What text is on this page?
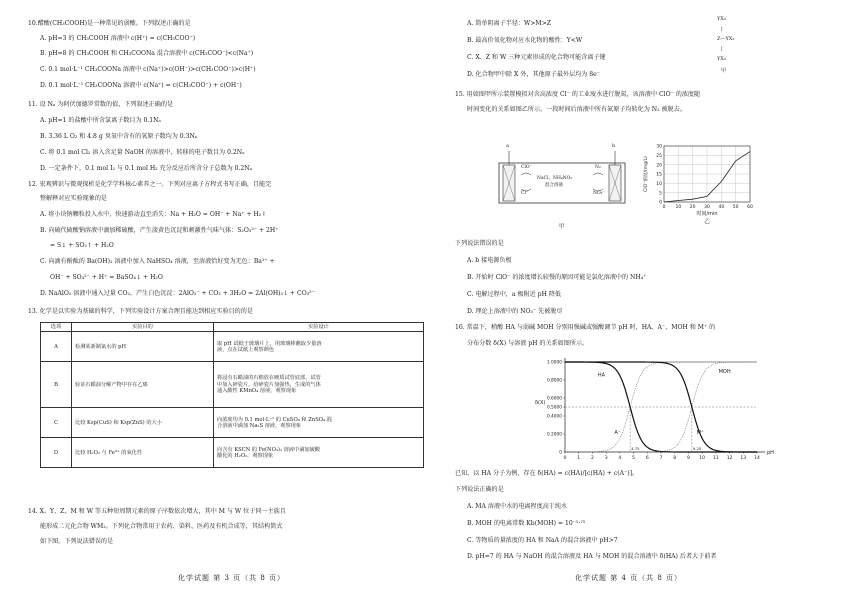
10.醋酸(CH₃COOH)是一种常见的弱酸。下列叙述正确的是
A. pH=3 的 CH₃COOH 溶液中 c(H⁺) = c(CH₃COO⁻)
B. pH=8 的 CH₃COOH 和 CH₃COONa 混合溶液中 c(CH₃COO⁻)<c(Na⁺)
C. 0.1 mol·L⁻¹ CH₃COONa 溶液中 c(Na⁺)>c(OH⁻)>c(CH₃COO⁻)>c(H⁺)
D. 0.1 mol·L⁻¹ CH₃COONa 溶液中 c(Na⁺) = c(CH₃COO⁻) + c(OH⁻)
11. 设 Nₐ 为阿伏加德罗常数的值，下列叙述正确的是
A. pH=1 的盐酸中所含氯离子数目为 0.1Nₐ
B. 3.36 L O₂ 和 4.8 g 臭氧中含有的氧原子数均为 0.3Nₐ
C. 将 0.1 mol Cl₂ 溶入含足量 NaOH 的溶液中，转移的电子数目为 0.2Nₐ
D. 一定条件下，0.1 mol I₂ 与 0.1 mol H₂ 充分反应后所含分子总数为 0.2Nₐ
12. 宏观辨识与微观探析是化学学科核心素养之一。下列对应离子方程式书写正确，且能完
整解释对应实验现象的是
A. 将小块钠颗粒投入水中，快速游动直至消失：Na + H₂O = OH⁻ + Na⁺ + H₂↑
B. 向硫代硫酸钠溶液中滴加稀硫酸，产生淡黄色沉淀和刺激性气味气体：S₂O₃²⁻ + 2H⁺
= S↓ + SO₂↑ + H₂O
C. 向滴有酚酞的 Ba(OH)₂ 溶液中加入 NaHSO₄ 溶液，至溶液恰好变为无色：Ba²⁺ +
OH⁻ + SO₄²⁻ + H⁺ = BaSO₄↓ + H₂O
D. NaAlO₂ 溶液中通入过量 CO₂，产生白色沉淀：2AlO₂⁻ + CO₂ + 3H₂O = 2Al(OH)₃↓ + CO₃²⁻
13. 化学是以实验为基础的科学，下列实验设计方案合理且能达到相应实验目的的是
选项	实验目的	实验设计
A	检测某新制氯水的 pH	取 pH 试纸于玻璃片上，用玻璃棒蘸取少量溶
液，点在试纸上观察颜色

B	验证石蜡油分解产物中存在乙烯	将浸有石蜡油的石棉放在硬质试管底部，试管
中加入碎瓷片，给碎瓷片加强热，生成的气体
通入酸性 KMnO₄ 溶液，观察现象

C	比较 Ksp(CuS) 和 Ksp(ZnS) 的大小	向浓度均为 0.1 mol·L⁻¹ 的 CuSO₄ 和 ZnSO₄ 混
合溶液中滴加 Na₂S 溶液，观察现象

D	比较 H₂O₂ 与 Fe³⁺ 的氧化性	向含有 KSCN 的 Fe(NO₃)₂ 溶液中滴加硫酸
酸化的 H₂O₂，观察现象
14. X、Y、Z、M 和 W 等五种短周期元素的原子序数依次增大，其中 M 与 W 位于同一主族且
能形成二元化合物 WM₂。下列化合物常用于农药、染料、医药及有机合成等，其结构简式
如下图。下列说法错误的是
化学试题 第 3 页（共 8 页）
A. 简单阴离子半径：W>M>Z
B. 最高价氧化物对应水化物的酸性：Y<W
C. X、Z 和 W 三种元素形成的化合物可能含离子键
D. 化合物甲中除 X 外，其他原子最外层均为 8e⁻
YX₃
|
Z—YX₃
|
YX₃
甲
15. 用如图甲所示装置模拟对含高浓度 Cl⁻ 的工业废水进行脱氮，该溶液中 ClO⁻ 的浓度随
时间变化的关系如图乙所示。一段时间后溶液中所有氮原子均转化为 N₂ 被脱去。
a	b
ClO⁻
Cl⁻
NaCl、NH₄NO₃
混合溶液
N₂
NO₃⁻
甲
0
5
10
15
20
25
30
0 10 20 30 40 50 60
时间/min
乙
ClO⁻浓度/(mg/L)
下列说法错误的是
A. b 接电源负极
B. 开始时 ClO⁻ 的浓度增长较慢的原因可能是氯化溶液中的 NH₄⁺
C. 电解过程中，a 极附近 pH 降低
D. 理论上溶液中的 NO₃⁻ 先被脱尽
16. 常温下，稍酸 HA 与弱碱 MOH 分别用强碱或强酸调节 pH 时，HA、A⁻、MOH 和 M⁺ 的
分布分数 δ(X) 与溶液 pH 的关系如图所示。
pH
δ(X)
0 1 2 3 4 5 6 7 8 9 10 11 12 13 14
0
0.2000
0.4000
0.5000
0.6000
0.8000
1.0000
HA
A⁻
MOH
M⁺
4.75	9.25
已知，以 HA 分子为例，存在 δ(HA) = c(HA)/[c(HA) + c(A⁻)]。
下列说法正确的是
A. MA 溶液中水的电离程度高于纯水
B. MOH 的电离常数 Kb(MOH) = 10⁻⁵·⁷⁵
C. 等物质的量浓度的 HA 和 NaA 的混合溶液中 pH>7
D. pH=7 的 HA 与 NaOH 的混合溶液及 HA 与 MOH 的混合溶液中 δ(HA) 后者大于前者
化学试题 第 4 页（共 8 页）
